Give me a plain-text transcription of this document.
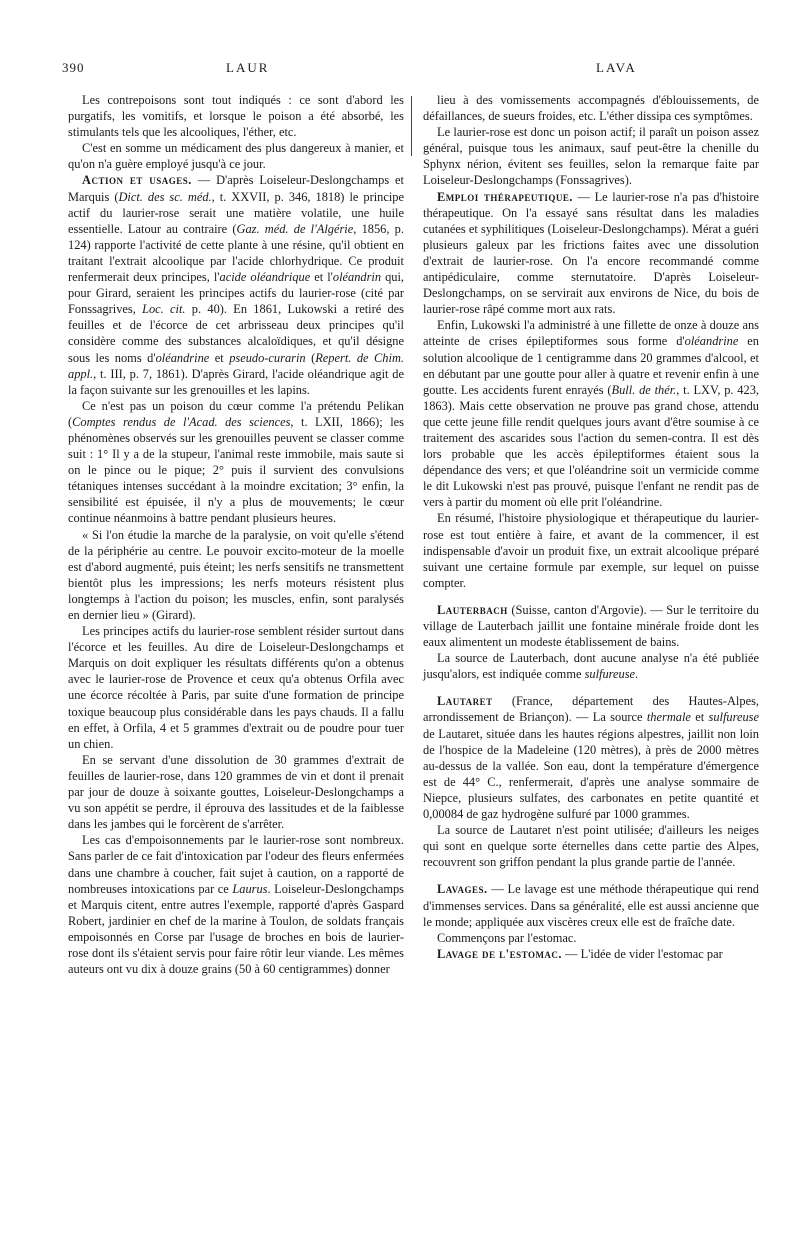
390	LAUR	LAVA

Les contrepoisons sont tout indiqués : ce sont d'abord les purgatifs, les vomitifs, et lorsque le poison a été absorbé, les stimulants tels que les alcooliques, l'éther, etc.

C'est en somme un médicament des plus dangereux à manier, et qu'on n'a guère employé jusqu'à ce jour.

Action et usages. — D'après Loiseleur-Deslongchamps et Marquis (Dict. des sc. méd., t. XXVII, p. 346, 1818) le principe actif du laurier-rose serait une matière volatile, une huile essentielle. Latour au contraire (Gaz. méd. de l'Algérie, 1856, p. 124) rapporte l'activité de cette plante à une résine, qu'il obtient en traitant l'extrait alcoolique par l'acide chlorhydrique. Ce produit renfermerait deux principes, l'acide oléandrique et l'oléandrin qui, pour Girard, seraient les principes actifs du laurier-rose (cité par Fonssagrives, Loc. cit. p. 40). En 1861, Lukowski a retiré des feuilles et de l'écorce de cet arbrisseau deux principes qu'il considère comme des substances alcaloïdiques, et qu'il désigne sous les noms d'oléandrine et pseudo-curarin (Repert. de Chim. appl., t. III, p. 7, 1861). D'après Girard, l'acide oléandrique agit de la façon suivante sur les grenouilles et les lapins.

Ce n'est pas un poison du cœur comme l'a prétendu Pelikan (Comptes rendus de l'Acad. des sciences, t. LXII, 1866); les phénomènes observés sur les grenouilles peuvent se classer comme suit : 1° Il y a de la stupeur, l'animal reste immobile, mais saute si on le pince ou le pique; 2° puis il survient des convulsions tétaniques intenses succédant à la moindre excitation; 3° enfin, la sensibilité est épuisée, il n'y a plus de mouvements; le cœur continue néanmoins à battre pendant plusieurs heures.

« Si l'on étudie la marche de la paralysie, on voit qu'elle s'étend de la périphérie au centre. Le pouvoir excito-moteur de la moelle est d'abord augmenté, puis éteint; les nerfs sensitifs ne transmettent bientôt plus les impressions; les nerfs moteurs résistent plus longtemps à l'action du poison; les muscles, enfin, sont paralysés en dernier lieu » (Girard).

Les principes actifs du laurier-rose semblent résider surtout dans l'écorce et les feuilles. Au dire de Loiseleur-Deslongchamps et Marquis on doit expliquer les résultats différents qu'on a obtenus avec le laurier-rose de Provence et ceux qu'a obtenus Orfila avec une écorce récoltée à Paris, par suite d'une formation de principe toxique beaucoup plus considérable dans les pays chauds. Il a fallu en effet, à Orfila, 4 et 5 grammes d'extrait ou de poudre pour tuer un chien.

En se servant d'une dissolution de 30 grammes d'extrait de feuilles de laurier-rose, dans 120 grammes de vin et dont il prenait par jour de douze à soixante gouttes, Loiseleur-Deslongchamps a vu son appétit se perdre, il éprouva des lassitudes et de la faiblesse dans les jambes qui le forcèrent de s'arrêter.

Les cas d'empoisonnements par le laurier-rose sont nombreux. Sans parler de ce fait d'intoxication par l'odeur des fleurs enfermées dans une chambre à coucher, fait sujet à caution, on a rapporté de nombreuses intoxications par ce Laurus. Loiseleur-Deslongchamps et Marquis citent, entre autres l'exemple, rapporté d'après Gaspard Robert, jardinier en chef de la marine à Toulon, de soldats français empoisonnés en Corse par l'usage de broches en bois de laurier-rose dont ils s'étaient servis pour faire rôtir leur viande. Les mêmes auteurs ont vu dix à douze grains (50 à 60 centigrammes) donner

lieu à des vomissements accompagnés d'éblouissements, de défaillances, de sueurs froides, etc. L'éther dissipa ces symptômes.

Le laurier-rose est donc un poison actif; il paraît un poison assez général, puisque tous les animaux, sauf peut-être la chenille du Sphynx nérion, évitent ses feuilles, selon la remarque faite par Loiseleur-Deslongchamps (Fonssagrives).

Emploi thérapeutique. — Le laurier-rose n'a pas d'histoire thérapeutique. On l'a essayé sans résultat dans les maladies cutanées et syphilitiques (Loiseleur-Deslongchamps). Mérat a guéri plusieurs galeux par les frictions faites avec une dissolution d'extrait de laurier-rose. On l'a encore recommandé comme antipédiculaire, comme sternutatoire. D'après Loiseleur-Deslongchamps, on se servirait aux environs de Nice, du bois de laurier-rose râpé comme mort aux rats.

Enfin, Lukowski l'a administré à une fillette de onze à douze ans atteinte de crises épileptiformes sous forme d'oléandrine en solution alcoolique de 1 centigramme dans 20 grammes d'alcool, et en débutant par une goutte pour aller à quatre et revenir enfin à une goutte. Les accidents furent enrayés (Bull. de thér., t. LXV, p. 423, 1863). Mais cette observation ne prouve pas grand chose, attendu que cette jeune fille rendit quelques jours avant d'être soumise à ce traitement des ascarides sous l'action du semen-contra. Il est dès lors probable que les accès épileptiformes étaient sous la dépendance des vers; et que l'oléandrine soit un vermicide comme le dit Lukowski n'est pas prouvé, puisque l'enfant ne rendit pas de vers à partir du moment où elle prit l'oléandrine.

En résumé, l'histoire physiologique et thérapeutique du laurier-rose est tout entière à faire, et avant de la commencer, il est indispensable d'avoir un produit fixe, un extrait alcoolique préparé suivant une certaine formule par exemple, sur lequel on puisse compter.

Lauterbach (Suisse, canton d'Argovie). — Sur le territoire du village de Lauterbach jaillit une fontaine minérale froide dont les eaux alimentent un modeste établissement de bains.

La source de Lauterbach, dont aucune analyse n'a été publiée jusqu'alors, est indiquée comme sulfureuse.

Lautaret (France, département des Hautes-Alpes, arrondissement de Briançon). — La source thermale et sulfureuse de Lautaret, située dans les hautes régions alpestres, jaillit non loin de l'hospice de la Madeleine (120 mètres), à près de 2000 mètres au-dessus de la vallée. Son eau, dont la température d'émergence est de 44° C., renfermerait, d'après une analyse sommaire de Niepce, plusieurs sulfates, des carbonates en petite quantité et 0,00084 de gaz hydrogène sulfuré par 1000 grammes.

La source de Lautaret n'est point utilisée; d'ailleurs les neiges qui sont en quelque sorte éternelles dans cette partie des Alpes, recouvrent son griffon pendant la plus grande partie de l'année.

Lavages. — Le lavage est une méthode thérapeutique qui rend d'immenses services. Dans sa généralité, elle est aussi ancienne que le monde; appliquée aux viscères creux elle est de fraîche date.

Commençons par l'estomac.

Lavage de l'estomac. — L'idée de vider l'estomac par
